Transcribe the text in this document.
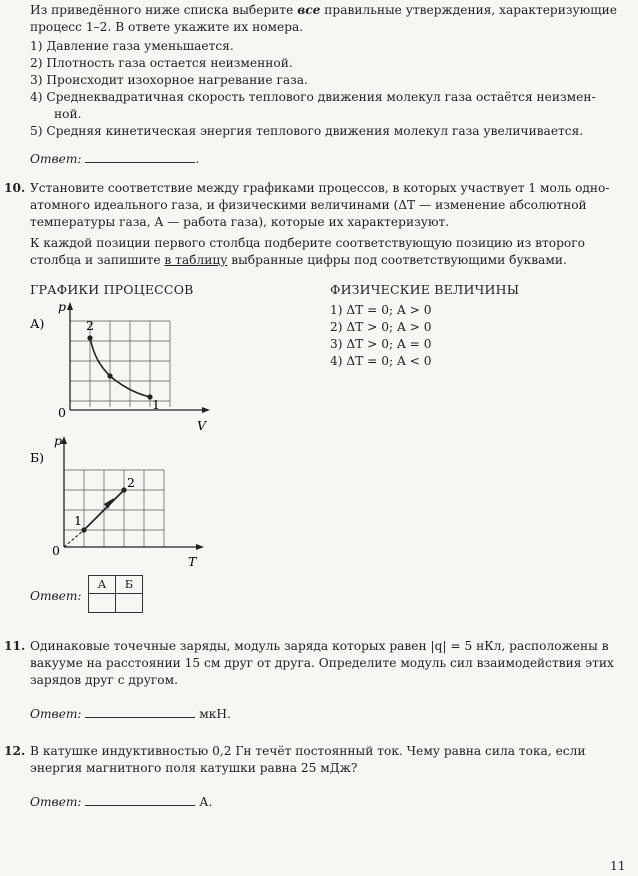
Из приведённого ниже списка выберите все правильные утверждения, характеризующие
процесс 1–2. В ответе укажите их номера.
1) Давление газа уменьшается.
2) Плотность газа остается неизменной.
3) Происходит изохорное нагревание газа.
4) Среднеквадратичная скорость теплового движения молекул газа остаётся неизмен-
ной.
5) Средняя кинетическая энергия теплового движения молекул газа увеличивается.
Ответ:	.
10. Установите соответствие между графиками процессов, в которых участвует 1 моль одно-
атомного идеального газа, и физическими величинами (ΔT — изменение абсолютной
температуры газа, A — работа газа), которые их характеризуют.
К каждой позиции первого столбца подберите соответствующую позицию из второго
столбца и запишите в таблицу выбранные цифры под соответствующими буквами.
ГРАФИКИ ПРОЦЕССОВ	ФИЗИЧЕСКИЕ ВЕЛИЧИНЫ
1) ΔT = 0; A > 0
2) ΔT > 0; A > 0
3) ΔT > 0; A = 0
4) ΔT = 0; A < 0
А)
p
V
0
2
1
Б)
p
T
0
1
2
Ответ:
А	Б

11. Одинаковые точечные заряды, модуль заряда которых равен |q| = 5 нКл, расположены в
вакууме на расстоянии 15 см друг от друга. Определите модуль сил взаимодействия этих
зарядов друг с другом.
Ответ:	мкН.
12. В катушке индуктивностью 0,2 Гн течёт постоянный ток. Чему равна сила тока, если
энергия магнитного поля катушки равна 25 мДж?
Ответ:	А.
11
